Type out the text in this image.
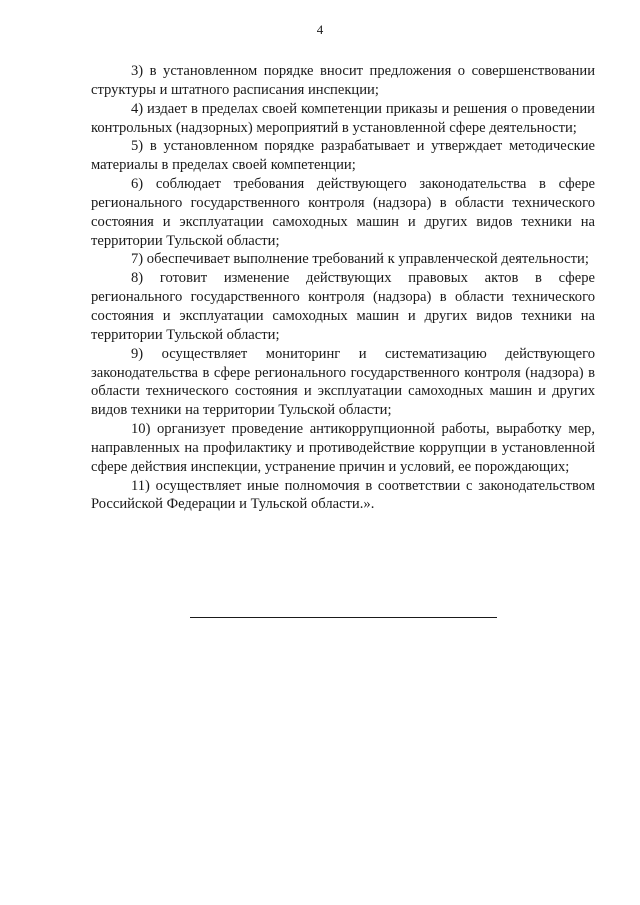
4

3) в установленном порядке вносит предложения о совершенствовании структуры и штатного расписания инспекции;

4) издает в пределах своей компетенции приказы и решения о проведении контрольных (надзорных) мероприятий в установленной сфере деятельности;

5) в установленном порядке разрабатывает и утверждает методические материалы в пределах своей компетенции;

6) соблюдает требования действующего законодательства в сфере регионального государственного контроля (надзора) в области технического состояния и эксплуатации самоходных машин и других видов техники на территории Тульской области;

7) обеспечивает выполнение требований к управленческой деятельности;

8) готовит изменение действующих правовых актов в сфере регионального государственного контроля (надзора) в области технического состояния и эксплуатации самоходных машин и других видов техники на территории Тульской области;

9) осуществляет мониторинг и систематизацию действующего законодательства в сфере регионального государственного контроля (надзора) в области технического состояния и эксплуатации самоходных машин и других видов техники на территории Тульской области;

10) организует проведение антикоррупционной работы, выработку мер, направленных на профилактику и противодействие коррупции в установленной сфере действия инспекции, устранение причин и условий, ее порождающих;

11) осуществляет иные полномочия в соответствии с законодательством Российской Федерации и Тульской области.».
